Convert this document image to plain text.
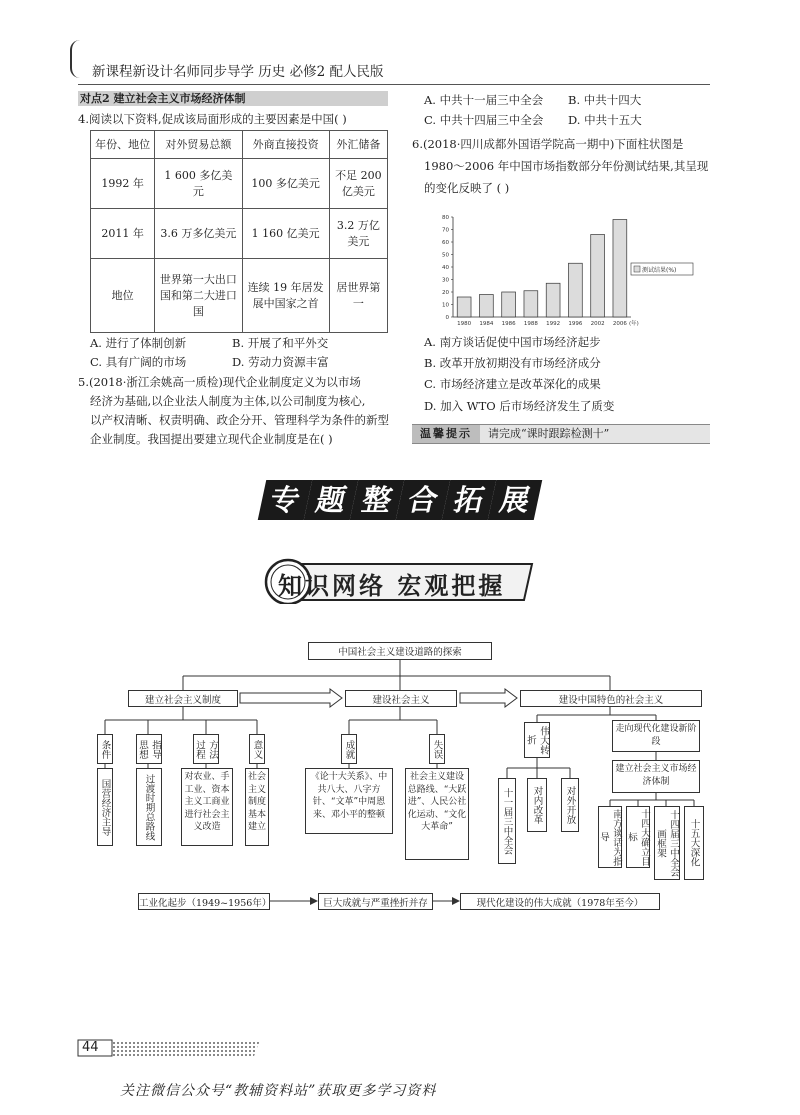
新课程新设计名师同步导学 历史 必修2 配人民版
对点2 建立社会主义市场经济体制
4.阅读以下资料,促成该局面形成的主要因素是中国( )
年份、地位	对外贸易总额	外商直接投资	外汇储备
1992 年	1 600 多亿美元	100 多亿美元	不足 200 亿美元
2011 年	3.6 万多亿美元	1 160 亿美元	3.2 万亿美元
地位	世界第一大出口国和第二大进口国	连续 19 年居发展中国家之首	居世界第一
A. 进行了体制创新	B. 开展了和平外交
C. 具有广阔的市场	D. 劳动力资源丰富
5.(2018·浙江余姚高一质检)现代企业制度定义为以市场
经济为基础,以企业法人制度为主体,以公司制度为核心,
以产权清晰、权责明确、政企分开、管理科学为条件的新型
企业制度。我国提出要建立现代企业制度是在( )
A. 中共十一届三中全会 B. 中共十四大
C. 中共十四届三中全会 D. 中共十五大
6.(2018·四川成都外国语学院高一期中)下面柱状图是
1980～2006 年中国市场指数部分年份测试结果,其呈现
的变化反映了 ( )
0
10
20
30
40
50
60
70
80
1980 1984 1986 1988 1992 1996 2002 2006 (年)
测试结果(%)
A. 南方谈话促使中国市场经济起步
B. 改革开放初期没有市场经济成分
C. 市场经济建立是改革深化的成果
D. 加入 WTO 后市场经济发生了质变
温馨提示	请完成“课时跟踪检测十”
专 题 整 合 拓 展
知识网络 宏观把握
中国社会主义建设道路的探索
建立社会主义制度	建设社会主义	建设中国特色的社会主义
条件	指导思想	方法过程	意义	成就	失误	伟大转折
走向现代化建设新阶段
建立社会主义市场经济体制
国营经济主导	过渡时期总路线	对农业、手工业、资本主义工商业进行社会主义改造
社会主义制度基本建立
《论十大关系》、中共八大、八字方针、“文革”中周恩来、邓小平的整顿
社会主义建设总路线、“大跃进”、人民公社化运动、“文化大革命”	十一届三中全会	对内改革	对外开放
南方谈话为指导	十四大确立目标	十四届三中全会画框架	十五大深化
工业化起步（1949~1956年）	巨大成就与严重挫折并存	现代化建设的伟大成就（1978年至今）
44
关注微信公众号“教辅资料站”获取更多学习资料
